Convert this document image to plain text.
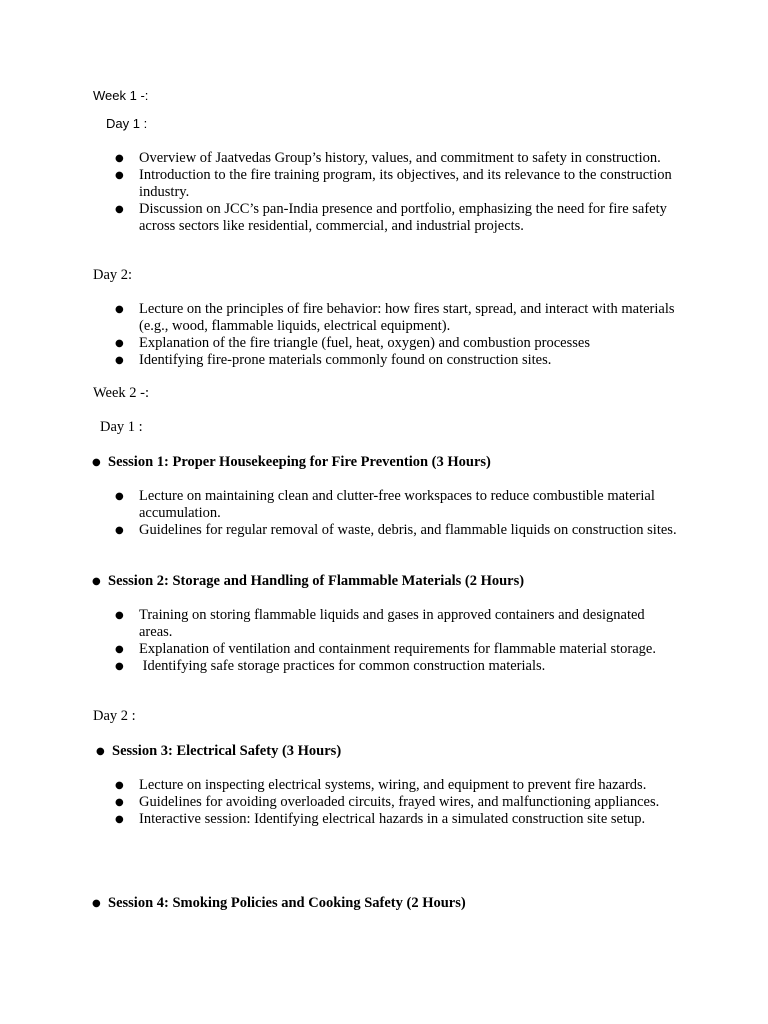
Week 1 -:
Day 1 :
● Overview of Jaatvedas Group’s history, values, and commitment to safety in construction.
● Introduction to the fire training program, its objectives, and its relevance to the construction industry.
● Discussion on JCC’s pan-India presence and portfolio, emphasizing the need for fire safety across sectors like residential, commercial, and industrial projects.
Day 2:
● Lecture on the principles of fire behavior: how fires start, spread, and interact with materials (e.g., wood, flammable liquids, electrical equipment).
● Explanation of the fire triangle (fuel, heat, oxygen) and combustion processes
● Identifying fire-prone materials commonly found on construction sites.
Week 2 -:
Day 1 :
● Session 1: Proper Housekeeping for Fire Prevention (3 Hours)
● Lecture on maintaining clean and clutter-free workspaces to reduce combustible material accumulation.
● Guidelines for regular removal of waste, debris, and flammable liquids on construction sites.
● Session 2: Storage and Handling of Flammable Materials (2 Hours)
● Training on storing flammable liquids and gases in approved containers and designated areas.
● Explanation of ventilation and containment requirements for flammable material storage.
● Identifying safe storage practices for common construction materials.
Day 2 :
● Session 3: Electrical Safety (3 Hours)
● Lecture on inspecting electrical systems, wiring, and equipment to prevent fire hazards.
● Guidelines for avoiding overloaded circuits, frayed wires, and malfunctioning appliances.
● Interactive session: Identifying electrical hazards in a simulated construction site setup.
● Session 4: Smoking Policies and Cooking Safety (2 Hours)
